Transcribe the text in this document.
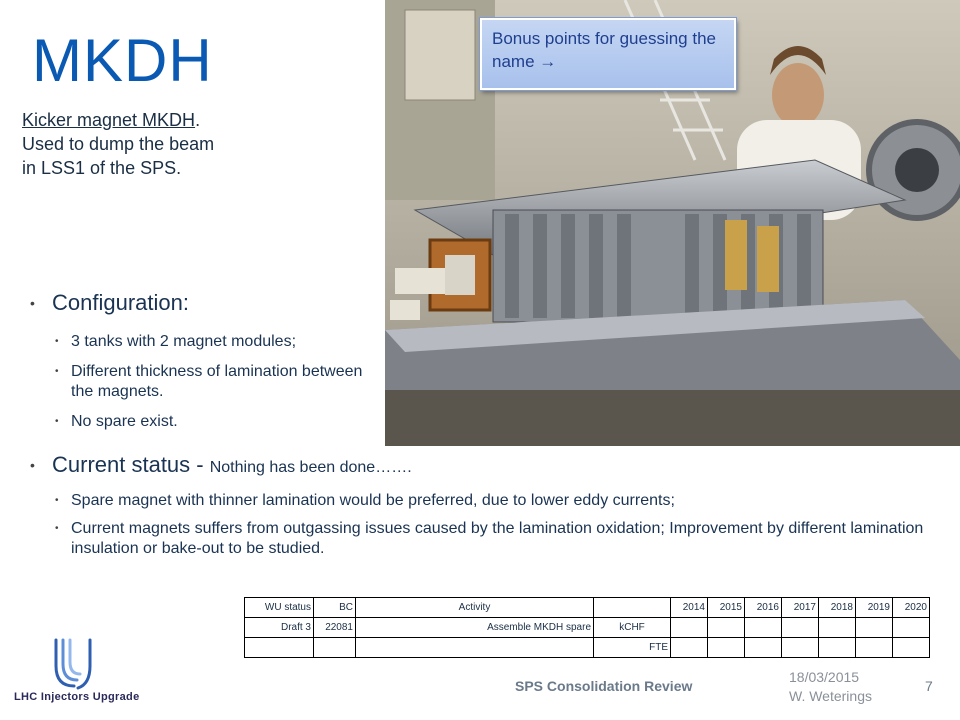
MKDH
Kicker magnet MKDH.
Used to dump the beam
in LSS1 of the SPS.
Bonus points for guessing the name →
• Configuration:
• 3 tanks with 2 magnet modules;
• Different thickness of lamination between the magnets.
• No spare exist.
• Current status - Nothing has been done…….
• Spare magnet with thinner lamination would be preferred, due to lower eddy currents;
• Current magnets suffers from outgassing issues caused by the lamination oxidation; Improvement by different lamination insulation or bake-out to be studied.
WU status	BC	Activity		2014	2015	2016	2017	2018	2019	2020
Draft 3	22081	Assemble MKDH spare	kCHF							
			FTE							
LHC Injectors Upgrade
SPS Consolidation Review
18/03/2015
W. Weterings
7
